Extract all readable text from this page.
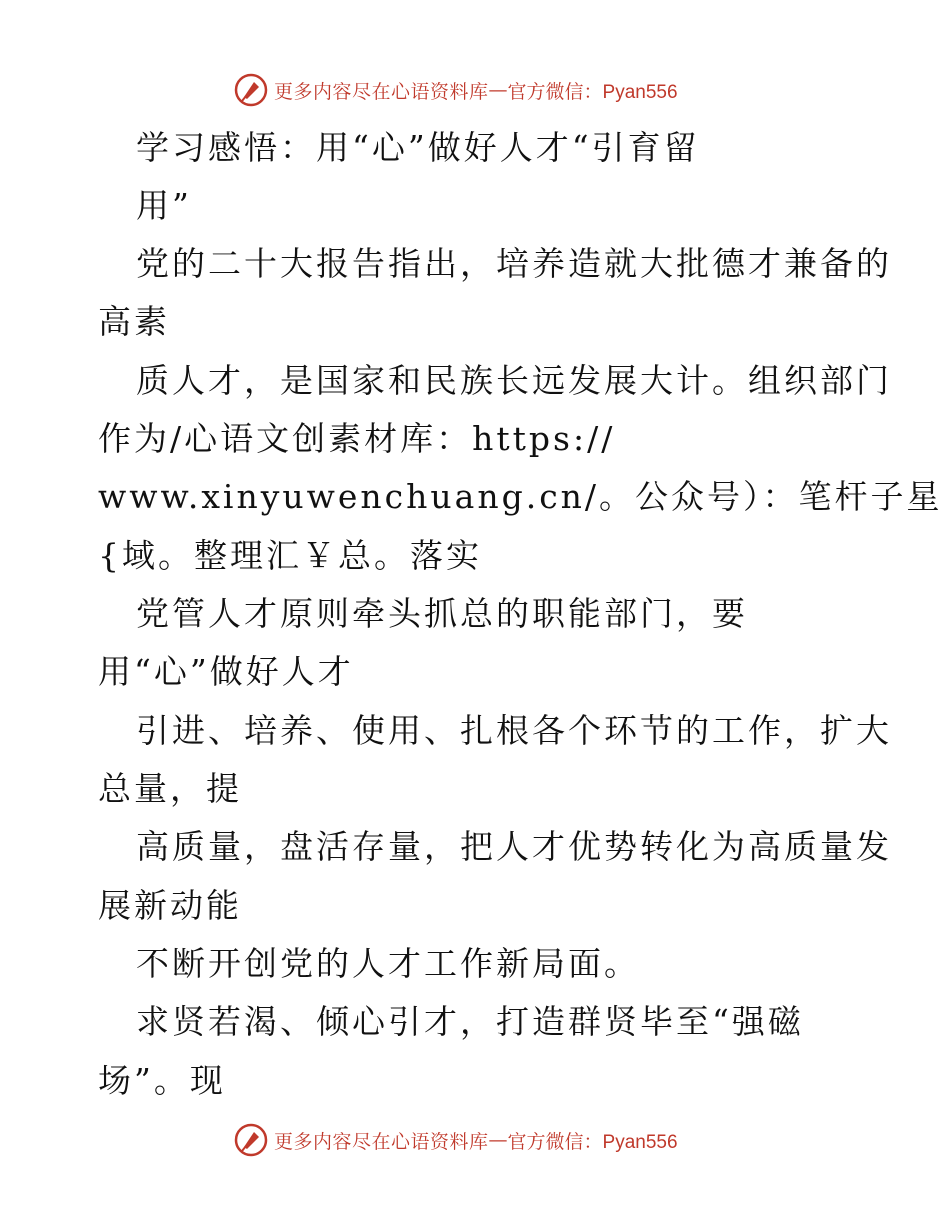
更多内容尽在心语资料库 — 官方微信：Pyan556
学习感悟：用“心”做好人才“引育留
用”
党的二十大报告指出，培养造就大批德才兼备的
高素
质人才，是国家和民族长远发展大计。组织部门
作为/心语文创素材库：https://
www.xinyuwenchuang.cn/。公众号）：笔杆子星
{域。整理汇￥总。落实
党管人才原则牵头抓总的职能部门，要
用“心”做好人才
引进、培养、使用、扎根各个环节的工作，扩大
总量，提
高质量，盘活存量，把人才优势转化为高质量发
展新动能
不断开创党的人才工作新局面。
求贤若渴、倾心引才，打造群贤毕至“强磁
场”。现
更多内容尽在心语资料库 — 官方微信：Pyan556
